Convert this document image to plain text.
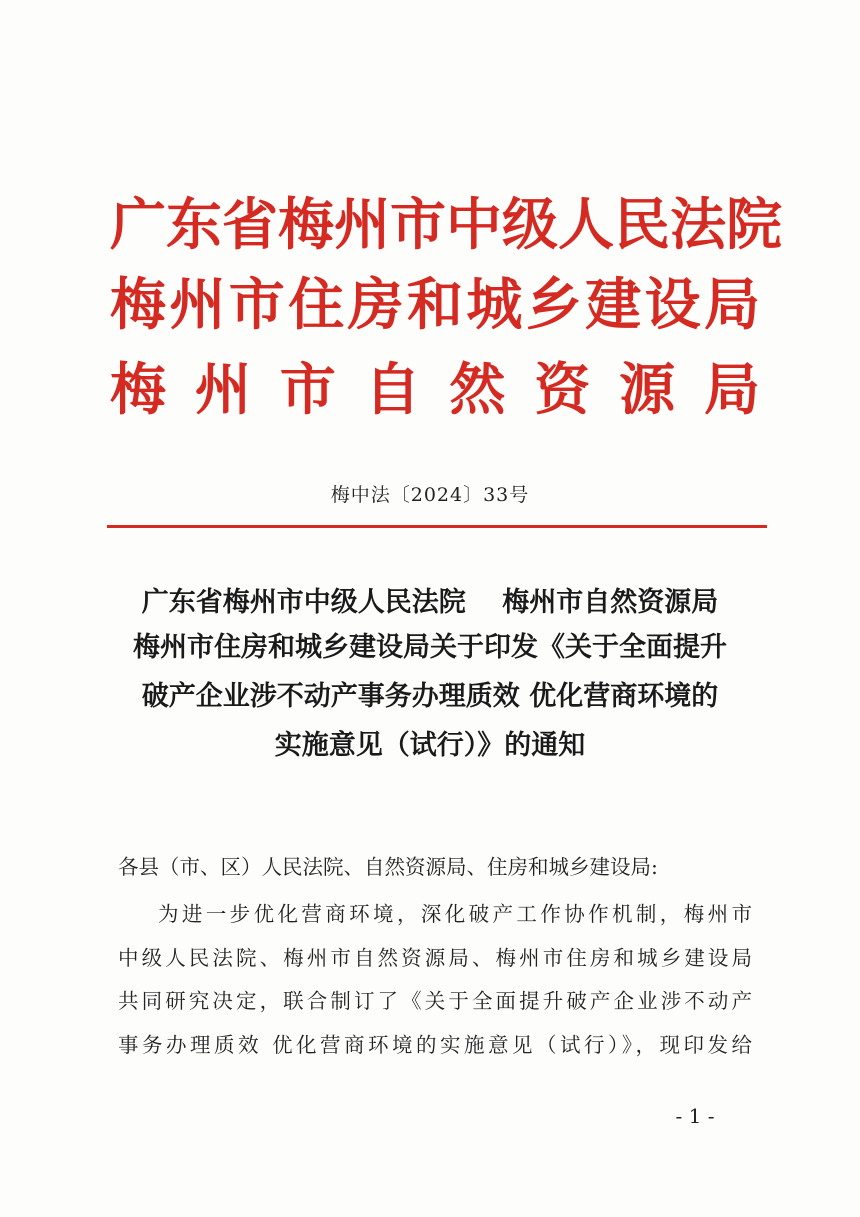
广东省梅州市中级人民法院
梅州市住房和城乡建设局
梅州市自然资源局
梅中法〔2024〕33号
广东省梅州市中级人民法院　 梅州市自然资源局
梅州市住房和城乡建设局关于印发《关于全面提升
破产企业涉不动产事务办理质效 优化营商环境的
实施意见（试行）》的通知
各县（市、区）人民法院、自然资源局、住房和城乡建设局:
为进一步优化营商环境，深化破产工作协作机制，梅州市
中级人民法院、梅州市自然资源局、梅州市住房和城乡建设局
共同研究决定，联合制订了《关于全面提升破产企业涉不动产
事务办理质效 优化营商环境的实施意见（试行）》，现印发给
- 1 -
